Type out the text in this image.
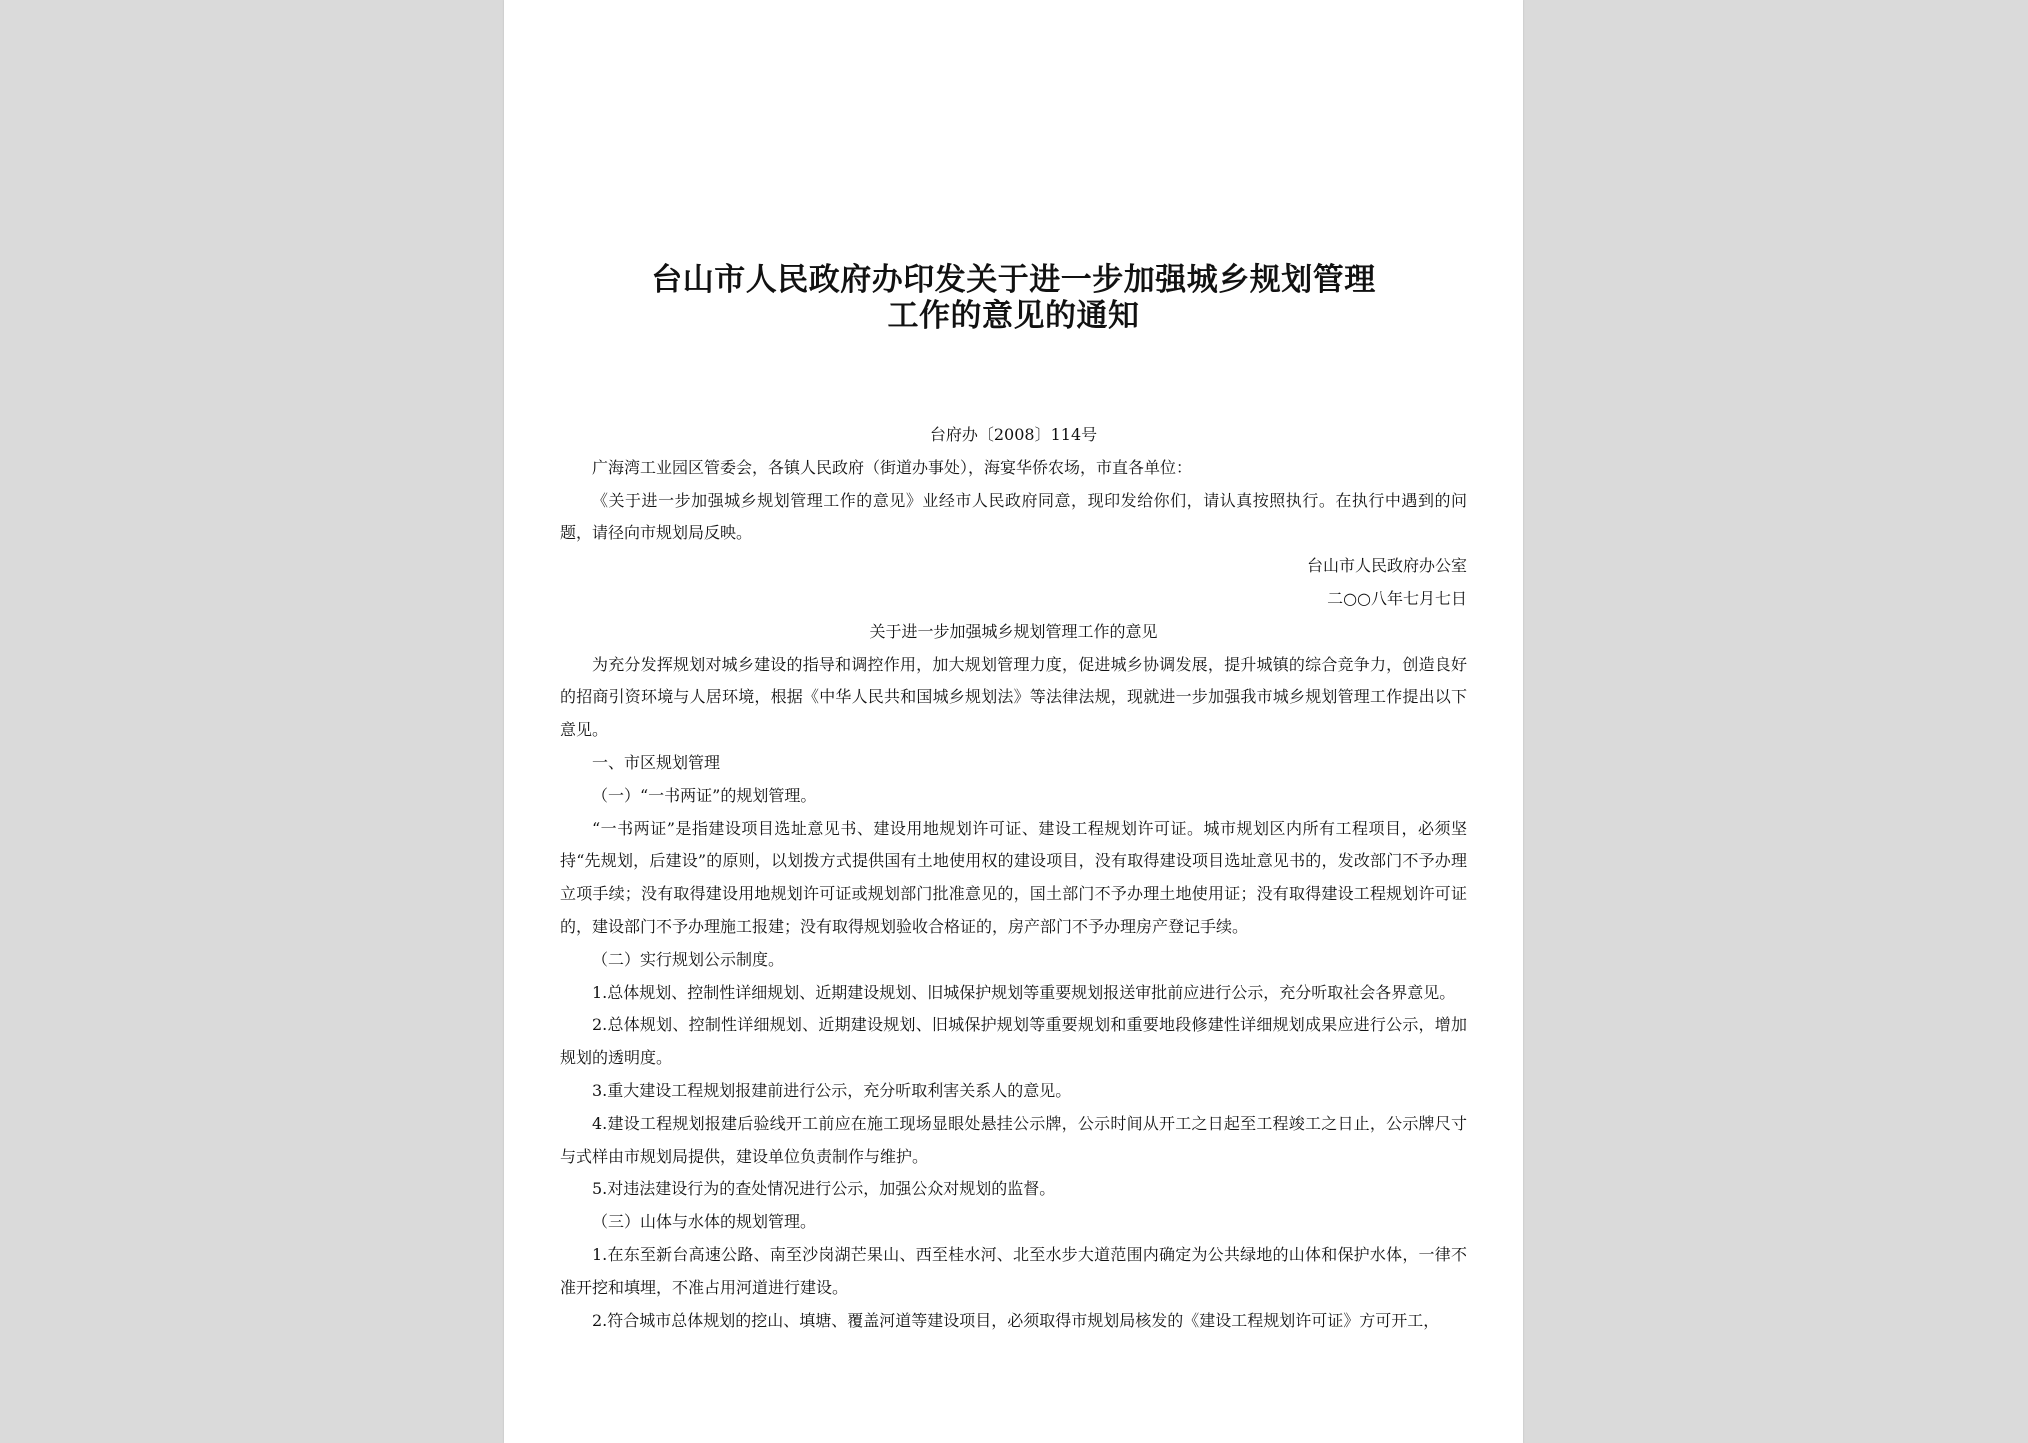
台山市人民政府办印发关于进一步加强城乡规划管理
工作的意见的通知

台府办〔2008〕114号

广海湾工业园区管委会，各镇人民政府（街道办事处），海宴华侨农场，市直各单位：

《关于进一步加强城乡规划管理工作的意见》业经市人民政府同意，现印发给你们，请认真按照执行。在执行中遇到的问题，请径向市规划局反映。

台山市人民政府办公室

二○○八年七月七日

关于进一步加强城乡规划管理工作的意见

为充分发挥规划对城乡建设的指导和调控作用，加大规划管理力度，促进城乡协调发展，提升城镇的综合竞争力，创造良好的招商引资环境与人居环境，根据《中华人民共和国城乡规划法》等法律法规，现就进一步加强我市城乡规划管理工作提出以下意见。

一、市区规划管理

（一）“一书两证”的规划管理。

“一书两证”是指建设项目选址意见书、建设用地规划许可证、建设工程规划许可证。城市规划区内所有工程项目，必须坚持“先规划，后建设”的原则，以划拨方式提供国有土地使用权的建设项目，没有取得建设项目选址意见书的，发改部门不予办理立项手续；没有取得建设用地规划许可证或规划部门批准意见的，国土部门不予办理土地使用证；没有取得建设工程规划许可证的，建设部门不予办理施工报建；没有取得规划验收合格证的，房产部门不予办理房产登记手续。

（二）实行规划公示制度。

1.总体规划、控制性详细规划、近期建设规划、旧城保护规划等重要规划报送审批前应进行公示，充分听取社会各界意见。

2.总体规划、控制性详细规划、近期建设规划、旧城保护规划等重要规划和重要地段修建性详细规划成果应进行公示，增加规划的透明度。

3.重大建设工程规划报建前进行公示，充分听取利害关系人的意见。

4.建设工程规划报建后验线开工前应在施工现场显眼处悬挂公示牌，公示时间从开工之日起至工程竣工之日止，公示牌尺寸与式样由市规划局提供，建设单位负责制作与维护。

5.对违法建设行为的查处情况进行公示，加强公众对规划的监督。

（三）山体与水体的规划管理。

1.在东至新台高速公路、南至沙岗湖芒果山、西至桂水河、北至水步大道范围内确定为公共绿地的山体和保护水体，一律不准开挖和填埋，不准占用河道进行建设。

2.符合城市总体规划的挖山、填塘、覆盖河道等建设项目，必须取得市规划局核发的《建设工程规划许可证》方可开工，
